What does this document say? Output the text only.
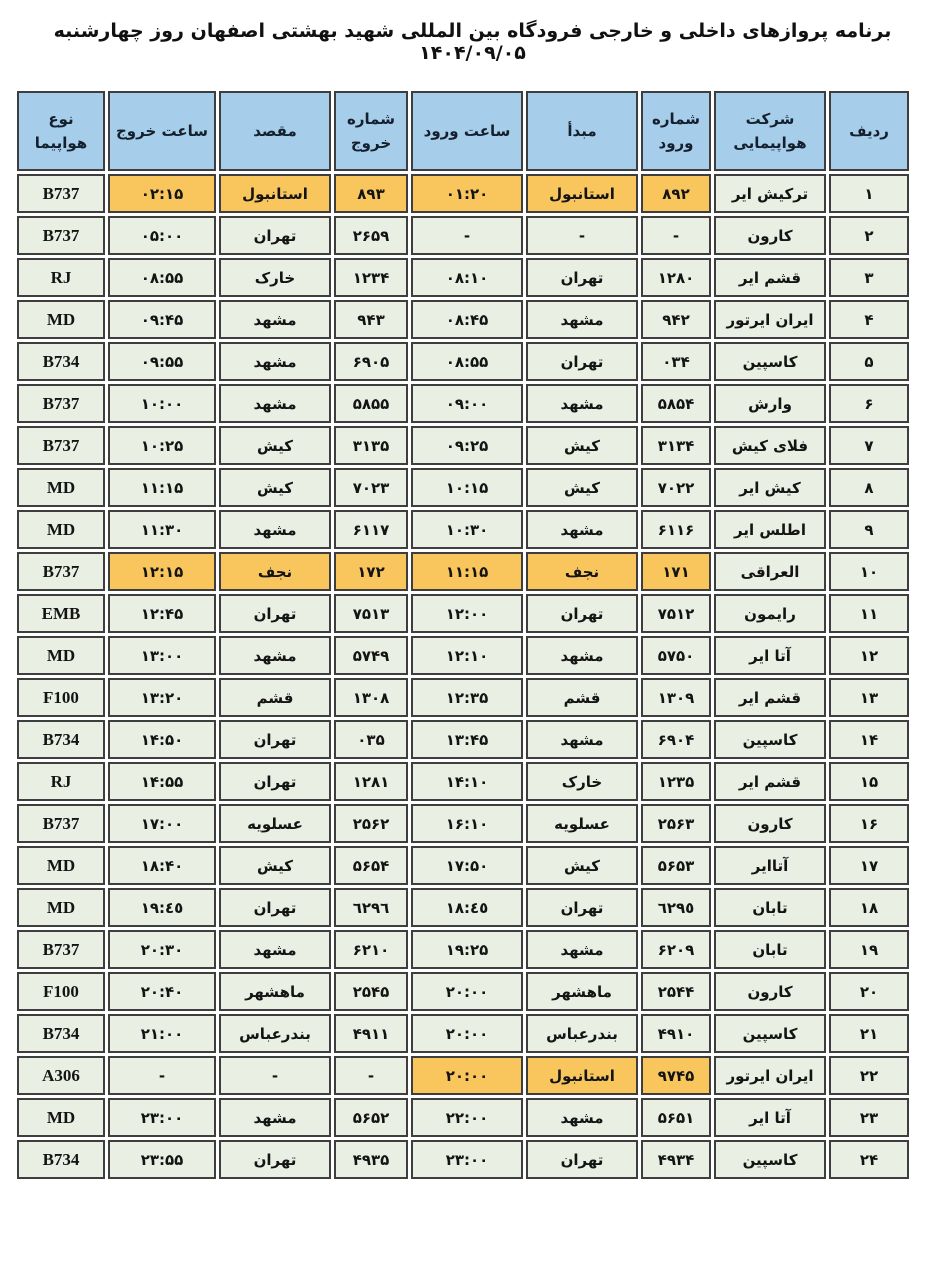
برنامه پروازهای داخلی و خارجی فرودگاه بین المللی شهید بهشتی اصفهان روز چهارشنبه ۱۴۰۴/۰۹/۰۵
ردیف	شرکت هواپیمایی	شماره ورود	مبدأ	ساعت ورود	شماره خروج	مقصد	ساعت خروج	نوع هواپیما
۱	ترکیش ایر	۸۹۲	استانبول	۰۱:۲۰	۸۹۳	استانبول	۰۲:۱۵	B737
۲	کارون	-	-	-	۲۶۵۹	تهران	۰۵:۰۰	B737
۳	قشم ایر	۱۲۸۰	تهران	۰۸:۱۰	۱۲۳۴	خارک	۰۸:۵۵	RJ
۴	ایران ایرتور	۹۴۲	مشهد	۰۸:۴۵	۹۴۳	مشهد	۰۹:۴۵	MD
۵	کاسپین	۰۳۴	تهران	۰۸:۵۵	۶۹۰۵	مشهد	۰۹:۵۵	B734
۶	وارش	۵۸۵۴	مشهد	۰۹:۰۰	۵۸۵۵	مشهد	۱۰:۰۰	B737
۷	فلای کیش	۳۱۳۴	کیش	۰۹:۲۵	۳۱۳۵	کیش	۱۰:۲۵	B737
۸	کیش ایر	۷۰۲۲	کیش	۱۰:۱۵	۷۰۲۳	کیش	۱۱:۱۵	MD
۹	اطلس ایر	۶۱۱۶	مشهد	۱۰:۳۰	۶۱۱۷	مشهد	۱۱:۳۰	MD
۱۰	العراقی	۱۷۱	نجف	۱۱:۱۵	۱۷۲	نجف	۱۲:۱۵	B737
۱۱	رایمون	۷۵۱۲	تهران	۱۲:۰۰	۷۵۱۳	تهران	۱۲:۴۵	EMB
۱۲	آتا ایر	۵۷۵۰	مشهد	۱۲:۱۰	۵۷۴۹	مشهد	۱۳:۰۰	MD
۱۳	قشم ایر	۱۳۰۹	قشم	۱۲:۳۵	۱۳۰۸	قشم	۱۳:۲۰	F100
۱۴	کاسپین	۶۹۰۴	مشهد	۱۳:۴۵	۰۳۵	تهران	۱۴:۵۰	B734
۱۵	قشم ایر	۱۲۳۵	خارک	۱۴:۱۰	۱۲۸۱	تهران	۱۴:۵۵	RJ
۱۶	کارون	۲۵۶۳	عسلویه	۱۶:۱۰	۲۵۶۲	عسلویه	۱۷:۰۰	B737
۱۷	آتاایر	۵۶۵۳	کیش	۱۷:۵۰	۵۶۵۴	کیش	۱۸:۴۰	MD
۱۸	تابان	٦٢٩٥	تهران	١٨:٤٥	٦٢٩٦	تهران	١٩:٤٥	MD
۱۹	تابان	۶۲۰۹	مشهد	۱۹:۲۵	۶۲۱۰	مشهد	۲۰:۳۰	B737
۲۰	کارون	۲۵۴۴	ماهشهر	۲۰:۰۰	۲۵۴۵	ماهشهر	۲۰:۴۰	F100
۲۱	کاسپین	۴۹۱۰	بندرعباس	۲۰:۰۰	۴۹۱۱	بندرعباس	۲۱:۰۰	B734
۲۲	ایران ایرتور	۹۷۴۵	استانبول	۲۰:۰۰	-	-	-	A306
۲۳	آتا ایر	۵۶۵۱	مشهد	۲۲:۰۰	۵۶۵۲	مشهد	۲۳:۰۰	MD
۲۴	کاسپین	۴۹۳۴	تهران	۲۳:۰۰	۴۹۳۵	تهران	۲۳:۵۵	B734
